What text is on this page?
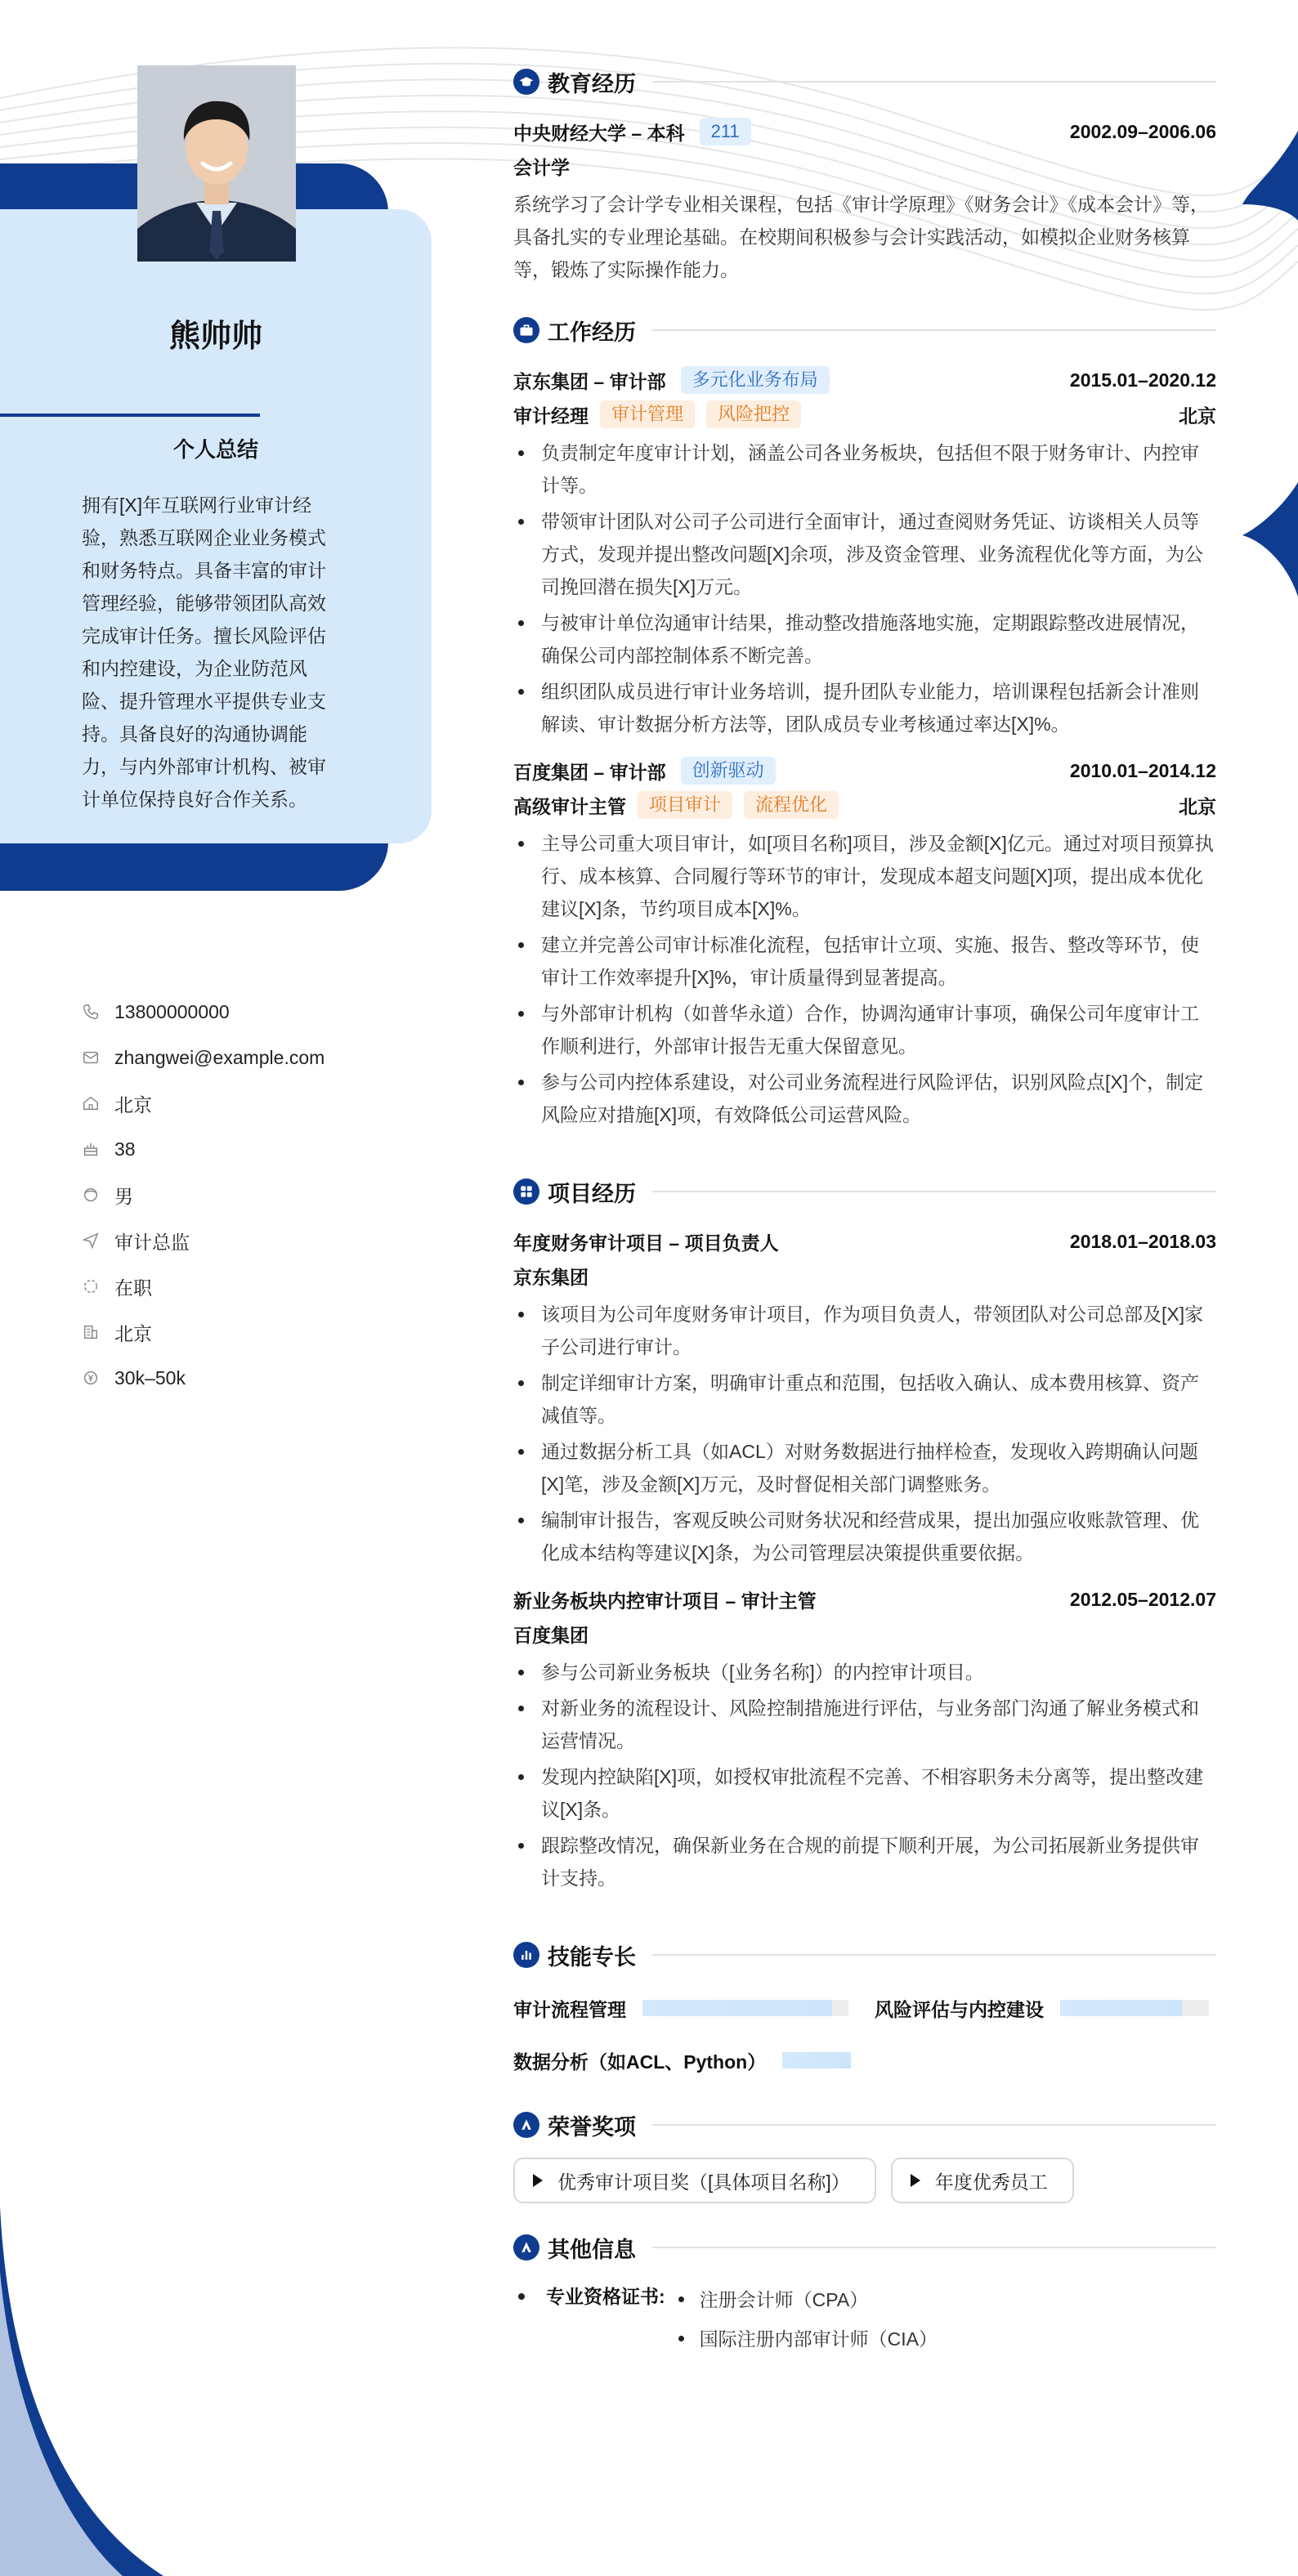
熊帅帅
个人总结
拥有[X]年互联网行业审计经验，熟悉互联网企业业务模式和财务特点。具备丰富的审计管理经验，能够带领团队高效完成审计任务。擅长风险评估和内控建设，为企业防范风险、提升管理水平提供专业支持。具备良好的沟通协调能力，与内外部审计机构、被审计单位保持良好合作关系。
13800000000
zhangwei@example.com
北京
38
男
审计总监
在职
北京
30k–50k
教育经历
中央财经大学 – 本科	211	2002.09–2006.06
会计学
系统学习了会计学专业相关课程，包括《审计学原理》《财务会计》《成本会计》等，具备扎实的专业理论基础。在校期间积极参与会计实践活动，如模拟企业财务核算等，锻炼了实际操作能力。
工作经历
京东集团 – 审计部	多元化业务布局	2015.01–2020.12
审计经理	审计管理	风险把控	北京
负责制定年度审计计划，涵盖公司各业务板块，包括但不限于财务审计、内控审计等。
带领审计团队对公司子公司进行全面审计，通过查阅财务凭证、访谈相关人员等方式，发现并提出整改问题[X]余项，涉及资金管理、业务流程优化等方面，为公司挽回潜在损失[X]万元。
与被审计单位沟通审计结果，推动整改措施落地实施，定期跟踪整改进展情况，确保公司内部控制体系不断完善。
组织团队成员进行审计业务培训，提升团队专业能力，培训课程包括新会计准则解读、审计数据分析方法等，团队成员专业考核通过率达[X]%。
百度集团 – 审计部	创新驱动	2010.01–2014.12
高级审计主管	项目审计	流程优化	北京
主导公司重大项目审计，如[项目名称]项目，涉及金额[X]亿元。通过对项目预算执行、成本核算、合同履行等环节的审计，发现成本超支问题[X]项，提出成本优化建议[X]条，节约项目成本[X]%。
建立并完善公司审计标准化流程，包括审计立项、实施、报告、整改等环节，使审计工作效率提升[X]%，审计质量得到显著提高。
与外部审计机构（如普华永道）合作，协调沟通审计事项，确保公司年度审计工作顺利进行，外部审计报告无重大保留意见。
参与公司内控体系建设，对公司业务流程进行风险评估，识别风险点[X]个，制定风险应对措施[X]项，有效降低公司运营风险。
项目经历
年度财务审计项目 – 项目负责人	2018.01–2018.03
京东集团
该项目为公司年度财务审计项目，作为项目负责人，带领团队对公司总部及[X]家子公司进行审计。
制定详细审计方案，明确审计重点和范围，包括收入确认、成本费用核算、资产减值等。
通过数据分析工具（如ACL）对财务数据进行抽样检查，发现收入跨期确认问题[X]笔，涉及金额[X]万元，及时督促相关部门调整账务。
编制审计报告，客观反映公司财务状况和经营成果，提出加强应收账款管理、优化成本结构等建议[X]条，为公司管理层决策提供重要依据。
新业务板块内控审计项目 – 审计主管	2012.05–2012.07
百度集团
参与公司新业务板块（[业务名称]）的内控审计项目。
对新业务的流程设计、风险控制措施进行评估，与业务部门沟通了解业务模式和运营情况。
发现内控缺陷[X]项，如授权审批流程不完善、不相容职务未分离等，提出整改建议[X]条。
跟踪整改情况，确保新业务在合规的前提下顺利开展，为公司拓展新业务提供审计支持。
技能专长
审计流程管理	风险评估与内控建设
数据分析（如ACL、Python）
荣誉奖项
优秀审计项目奖（[具体项目名称]）	年度优秀员工
其他信息
专业资格证书:	注册会计师（CPA）
国际注册内部审计师（CIA）
